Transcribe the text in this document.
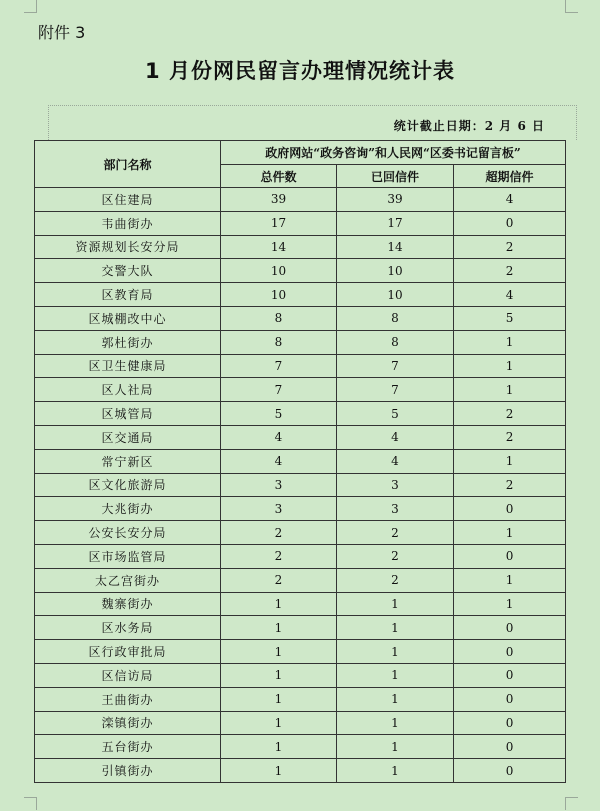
附件 3
1 月份网民留言办理情况统计表
统计截止日期：2 月 6 日
部门名称	政府网站“政务咨询”和人民网“区委书记留言板”		
	总件数	已回信件	超期信件
区住建局	39	39	4
韦曲街办	17	17	0
资源规划长安分局	14	14	2
交警大队	10	10	2
区教育局	10	10	4
区城棚改中心	8	8	5
郭杜街办	8	8	1
区卫生健康局	7	7	1
区人社局	7	7	1
区城管局	5	5	2
区交通局	4	4	2
常宁新区	4	4	1
区文化旅游局	3	3	2
大兆街办	3	3	0
公安长安分局	2	2	1
区市场监管局	2	2	0
太乙宫街办	2	2	1
魏寨街办	1	1	1
区水务局	1	1	0
区行政审批局	1	1	0
区信访局	1	1	0
王曲街办	1	1	0
滦镇街办	1	1	0
五台街办	1	1	0
引镇街办	1	1	0
